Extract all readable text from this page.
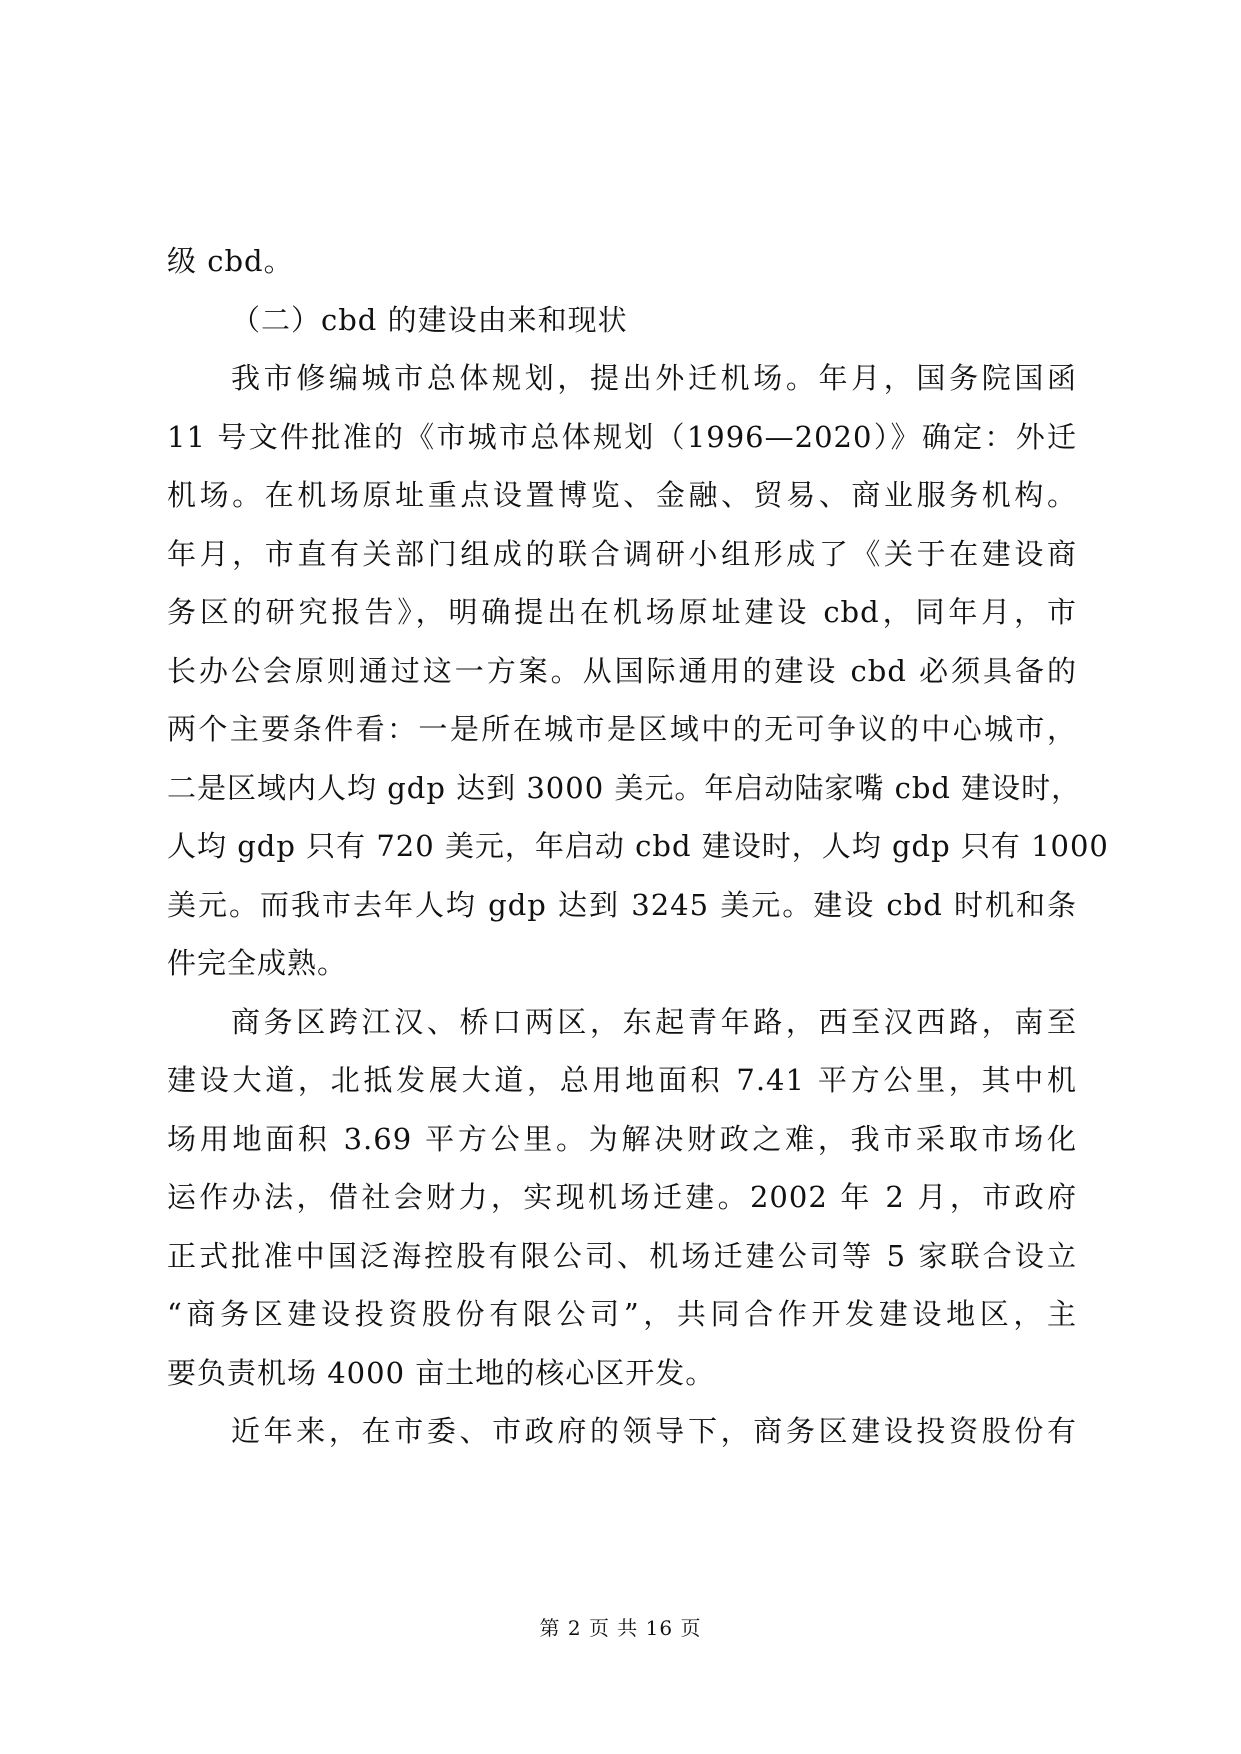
级 cbd。
（二）cbd 的建设由来和现状
我市修编城市总体规划，提出外迁机场。年月，国务院国函
11 号文件批准的《市城市总体规划（1996—2020）》确定：外迁
机场。在机场原址重点设置博览、金融、贸易、商业服务机构。
年月，市直有关部门组成的联合调研小组形成了《关于在建设商
务区的研究报告》，明确提出在机场原址建设 cbd，同年月，市
长办公会原则通过这一方案。从国际通用的建设 cbd 必须具备的
两个主要条件看：一是所在城市是区域中的无可争议的中心城市，
二是区域内人均 gdp 达到 3000 美元。年启动陆家嘴 cbd 建设时，
人均 gdp 只有 720 美元，年启动 cbd 建设时，人均 gdp 只有 1000
美元。而我市去年人均 gdp 达到 3245 美元。建设 cbd 时机和条
件完全成熟。
商务区跨江汉、桥口两区，东起青年路，西至汉西路，南至
建设大道，北抵发展大道，总用地面积 7.41 平方公里，其中机
场用地面积 3.69 平方公里。为解决财政之难，我市采取市场化
运作办法，借社会财力，实现机场迁建。2002 年 2 月，市政府
正式批准中国泛海控股有限公司、机场迁建公司等 5 家联合设立
“商务区建设投资股份有限公司”，共同合作开发建设地区，主
要负责机场 4000 亩土地的核心区开发。
近年来，在市委、市政府的领导下，商务区建设投资股份有
第 2 页 共 16 页
